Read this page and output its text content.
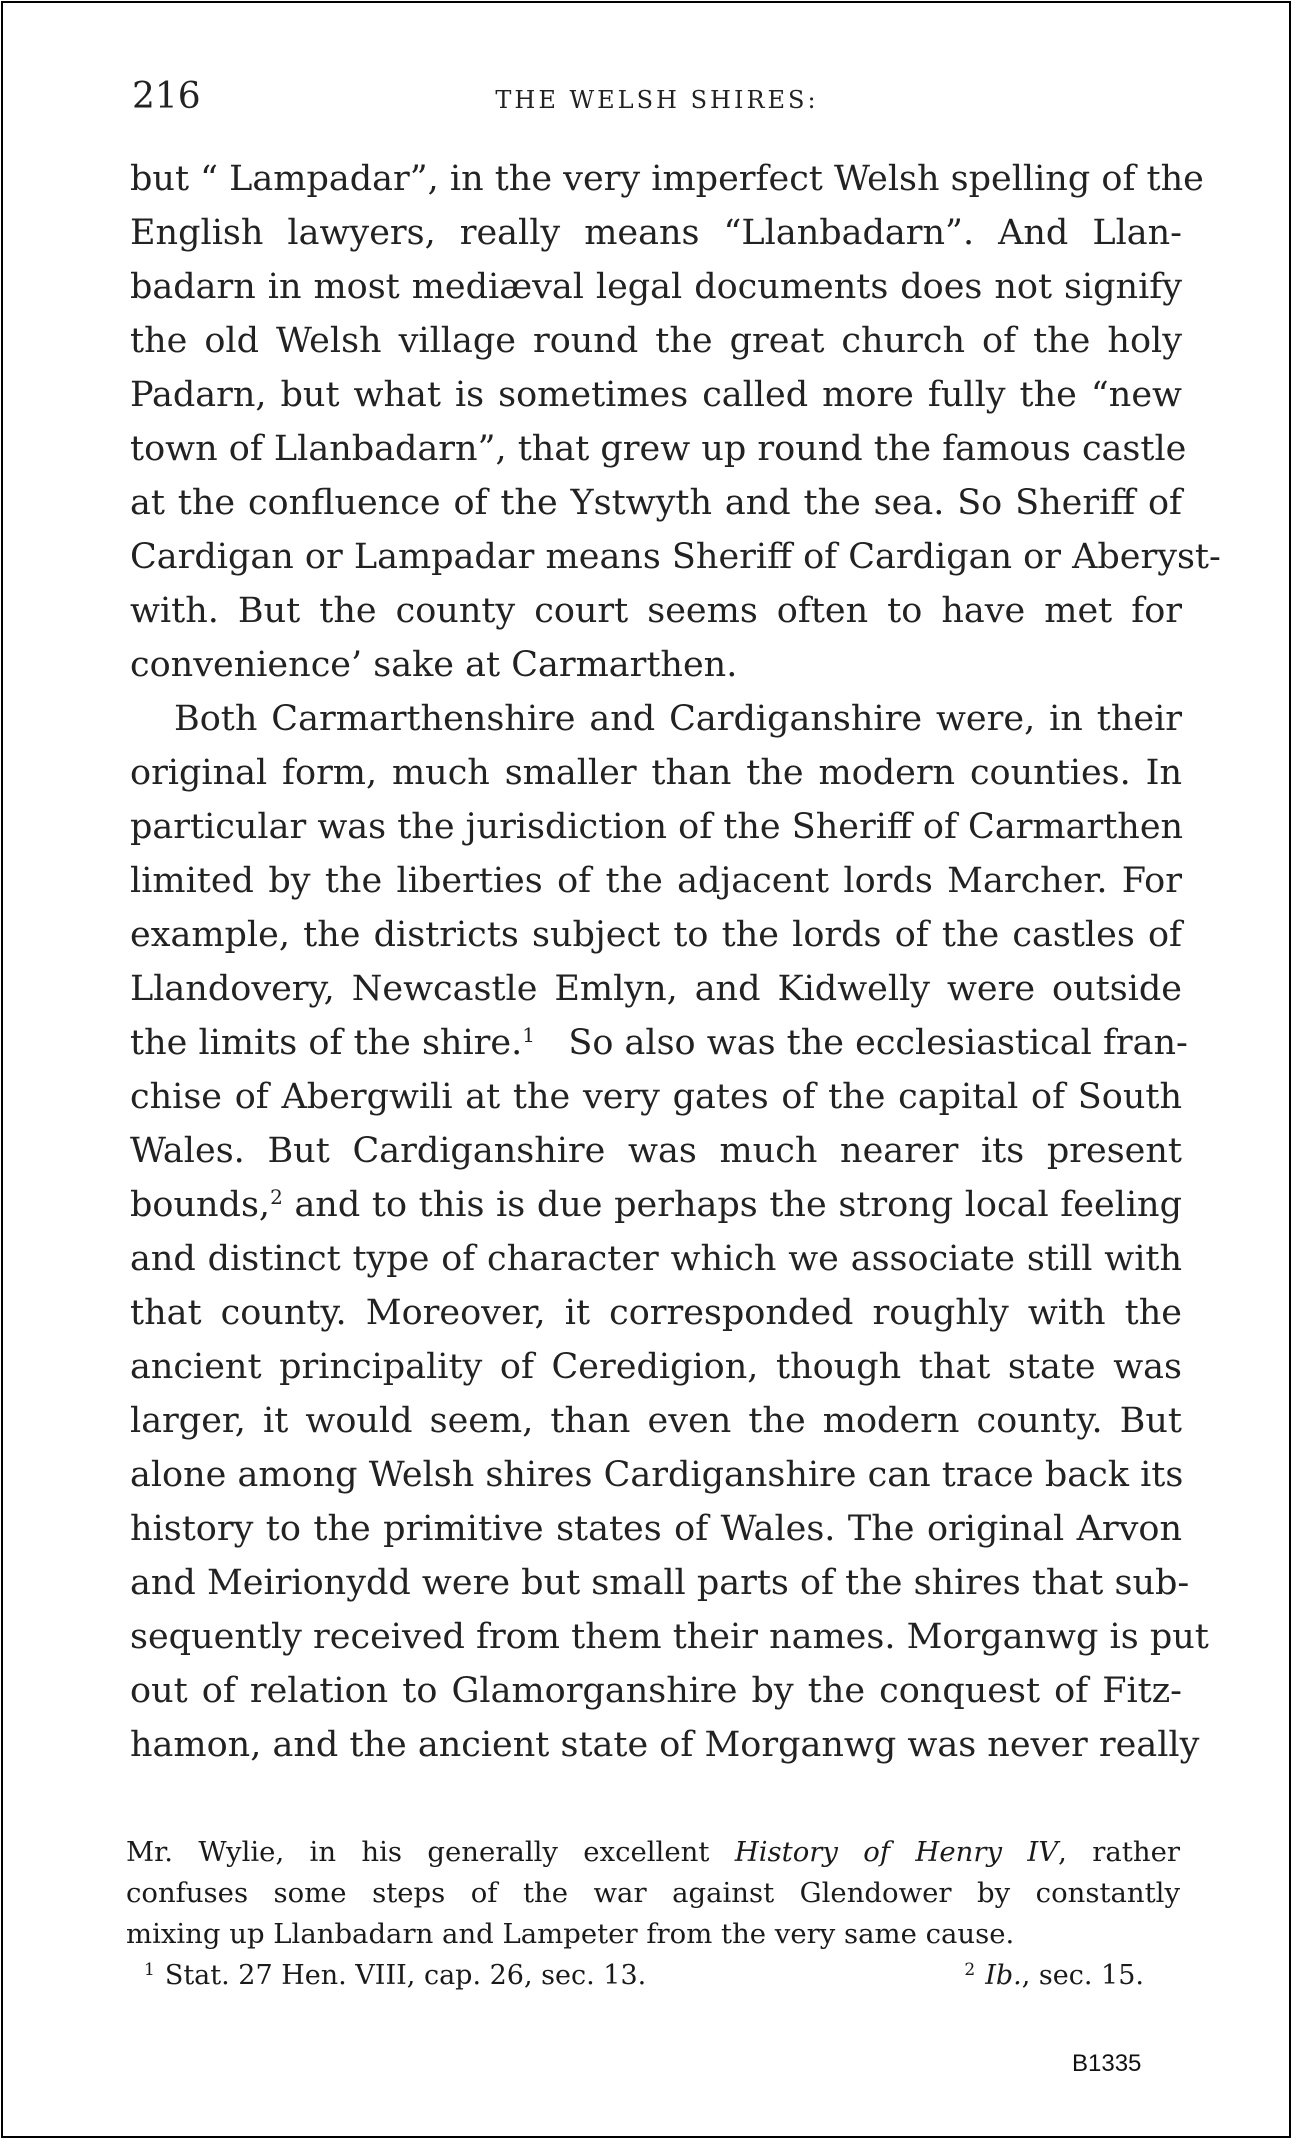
216	THE WELSH SHIRES:
but “ Lampadar”, in the very imperfect Welsh spelling of the
English lawyers, really means “Llanbadarn”. And Llan-
badarn in most mediæval legal documents does not signify
the old Welsh village round the great church of the holy
Padarn, but what is sometimes called more fully the “new
town of Llanbadarn”, that grew up round the famous castle
at the confluence of the Ystwyth and the sea. So Sheriff of
Cardigan or Lampadar means Sheriff of Cardigan or Aberyst-
with. But the county court seems often to have met for
convenience’ sake at Carmarthen.
Both Carmarthenshire and Cardiganshire were, in their
original form, much smaller than the modern counties. In
particular was the jurisdiction of the Sheriff of Carmarthen
limited by the liberties of the adjacent lords Marcher. For
example, the districts subject to the lords of the castles of
Llandovery, Newcastle Emlyn, and Kidwelly were outside
the limits of the shire.$^1$ So also was the ecclesiastical fran-
chise of Abergwili at the very gates of the capital of South
Wales. But Cardiganshire was much nearer its present
bounds,$^2$ and to this is due perhaps the strong local feeling
and distinct type of character which we associate still with
that county. Moreover, it corresponded roughly with the
ancient principality of Ceredigion, though that state was
larger, it would seem, than even the modern county. But
alone among Welsh shires Cardiganshire can trace back its
history to the primitive states of Wales. The original Arvon
and Meirionydd were but small parts of the shires that sub-
sequently received from them their names. Morganwg is put
out of relation to Glamorganshire by the conquest of Fitz-
hamon, and the ancient state of Morganwg was never really
Mr. Wylie, in his generally excellent History of Henry IV, rather
confuses some steps of the war against Glendower by constantly
mixing up Llanbadarn and Lampeter from the very same cause.
$^1$ Stat. 27 Hen. VIII, cap. 26, sec. 13.	$^2$ Ib., sec. 15.
B1335
